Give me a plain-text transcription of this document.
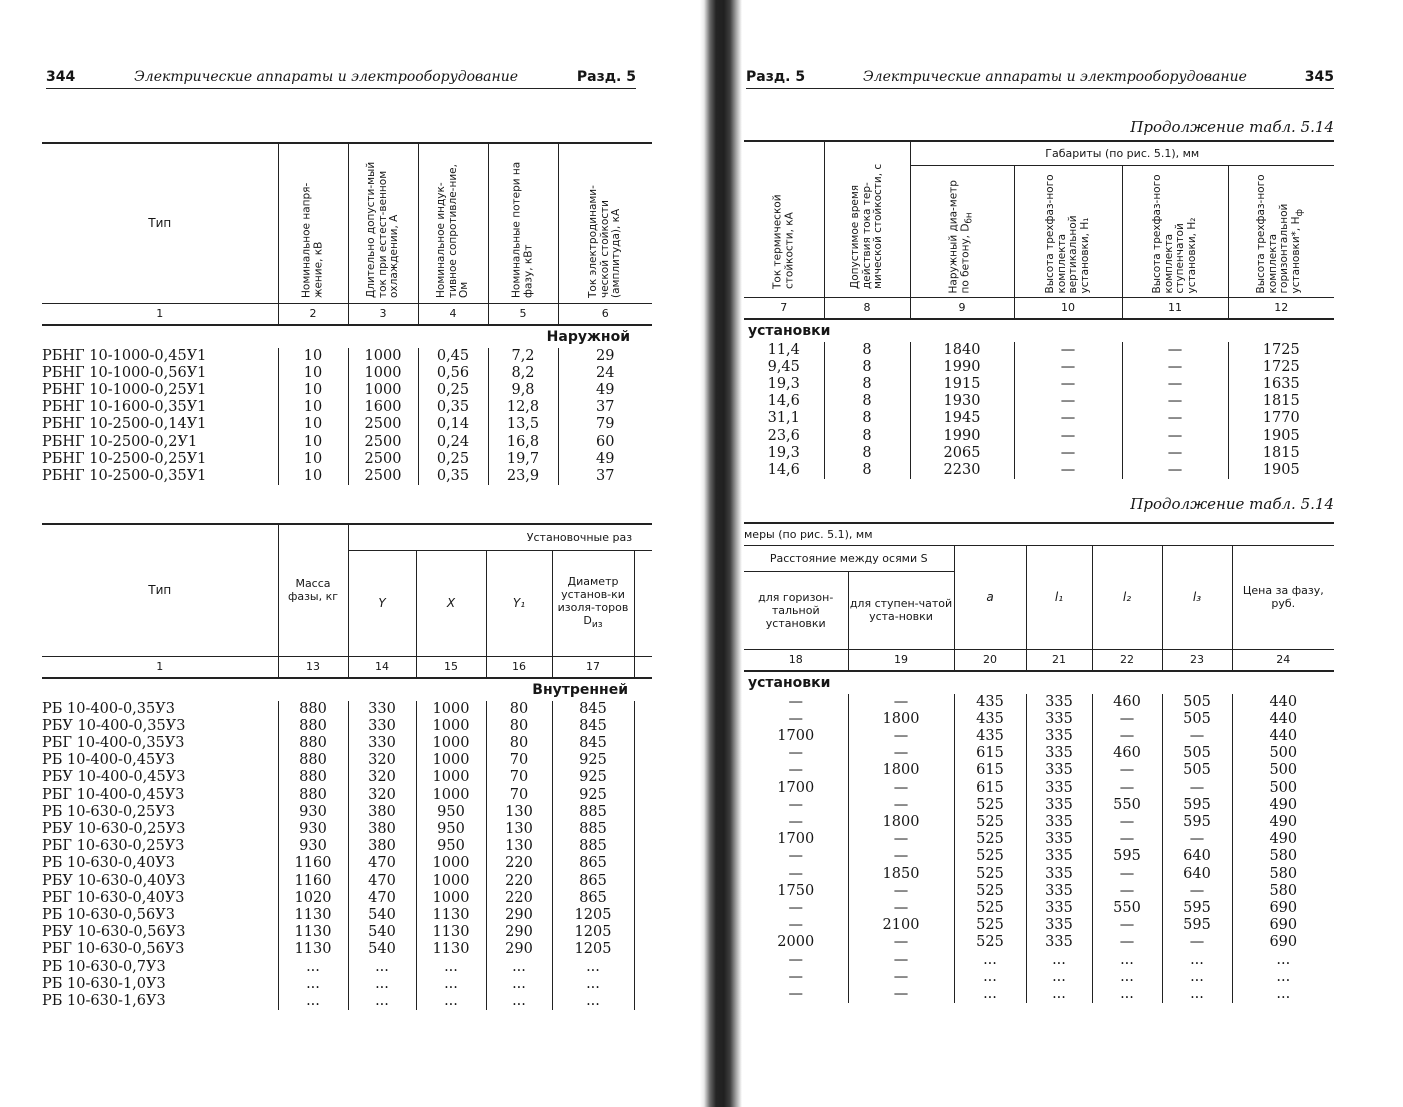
344	Электрические аппараты и электрооборудование	Разд. 5
Тип	Номинальное напря-жение, кВ	Длительно допусти-мый ток при естест-венном охлаждении, А	Номинальное индук-тивное сопротивле-ние, Ом	Номинальные потери на фазу, кВт	Ток электродинами-ческой стойкости (амплитуда), кА

1	2	3	4	5	6
Наружной					
РБНГ 10-1000-0,45У1	10	1000	0,45	7,2	29
РБНГ 10-1000-0,56У1	10	1000	0,56	8,2	24
РБНГ 10-1000-0,25У1	10	1000	0,25	9,8	49
РБНГ 10-1600-0,35У1	10	1600	0,35	12,8	37
РБНГ 10-2500-0,14У1	10	2500	0,14	13,5	79
РБНГ 10-2500-0,2У1	10	2500	0,24	16,8	60
РБНГ 10-2500-0,25У1	10	2500	0,25	19,7	49
РБНГ 10-2500-0,35У1	10	2500	0,35	23,9	37
Тип	Масса фазы, кг	Установочные раз				
		Y	X	Y₁	Диаметр установ-ки изоля-торов $D_{из}$	
1	13	14	15	16	17	
Внутренней						
РБ 10-400-0,35У3	880	330	1000	80	845	
РБУ 10-400-0,35У3	880	330	1000	80	845	
РБГ 10-400-0,35У3	880	330	1000	80	845	
РБ 10-400-0,45У3	880	320	1000	70	925	
РБУ 10-400-0,45У3	880	320	1000	70	925	
РБГ 10-400-0,45У3	880	320	1000	70	925	
РБ 10-630-0,25У3	930	380	950	130	885	
РБУ 10-630-0,25У3	930	380	950	130	885	
РБГ 10-630-0,25У3	930	380	950	130	885	
РБ 10-630-0,40У3	1160	470	1000	220	865	
РБУ 10-630-0,40У3	1160	470	1000	220	865	
РБГ 10-630-0,40У3	1020	470	1000	220	865	
РБ 10-630-0,56У3	1130	540	1130	290	1205	
РБУ 10-630-0,56У3	1130	540	1130	290	1205	
РБГ 10-630-0,56У3	1130	540	1130	290	1205	
РБ 10-630-0,7У3	...	...	...	...	...	
РБ 10-630-1,0У3	...	...	...	...	...	
РБ 10-630-1,6У3	...	...	...	...	...	
Разд. 5	Электрические аппараты и электрооборудование	345
Продолжение табл. 5.14
Ток термической стойкости, кА	Допустимое время действия тока тер-мической стойкости, с	Габариты (по рис. 5.1), мм			

		Наружный диа-метр по бетону, $D_{бн}$	Высота трехфаз-ного комплекта вертикальной установки, H₁	Высота трехфаз-ного комплекта ступенчатой установки, H₂	Высота трехфаз-ного комплекта горизонтальной установки*, $H_ф$

7	8	9	10	11	12
установки					
11,4	8	1840	—	—	1725
9,45	8	1990	—	—	1725
19,3	8	1915	—	—	1635
14,6	8	1930	—	—	1815
31,1	8	1945	—	—	1770
23,6	8	1990	—	—	1905
19,3	8	2065	—	—	1815
14,6	8	2230	—	—	1905
Продолжение табл. 5.14
меры (по рис. 5.1), мм						
Расстояние между осями S		a	l₁	l₂	l₃	Цена за фазу, руб.
для горизон-тальной установки	для ступен-чатой уста-новки					
18	19	20	21	22	23	24
установки						
—	—	435	335	460	505	440
—	1800	435	335	—	505	440
1700	—	435	335	—	—	440
—	—	615	335	460	505	500
—	1800	615	335	—	505	500
1700	—	615	335	—	—	500
—	—	525	335	550	595	490
—	1800	525	335	—	595	490
1700	—	525	335	—	—	490
—	—	525	335	595	640	580
—	1850	525	335	—	640	580
1750	—	525	335	—	—	580
—	—	525	335	550	595	690
—	2100	525	335	—	595	690
2000	—	525	335	—	—	690
—	—	...	...	...	...	...
—	—	...	...	...	...	...
—	—	...	...	...	...	...
